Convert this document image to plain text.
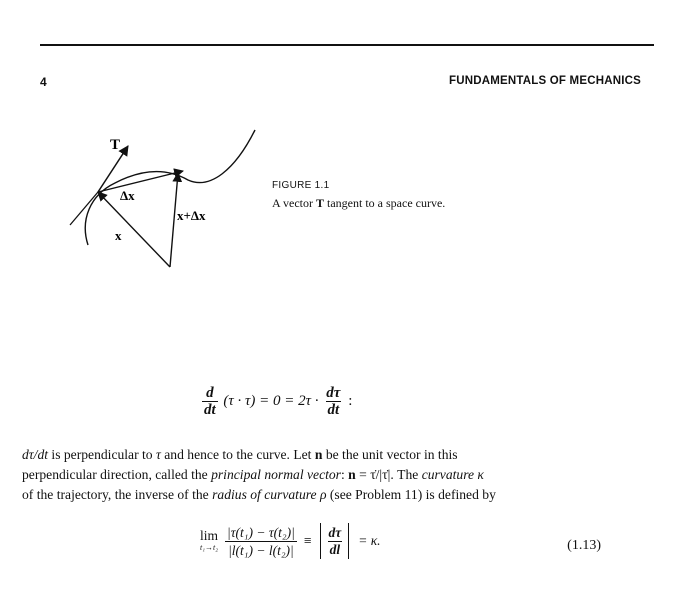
4	FUNDAMENTALS OF MECHANICS
T
Δx
x+Δx
x
FIGURE 1.1
A vector T tangent to a space curve.
$\frac{d}{dt} (\tau \cdot \tau) = 0 = 2\tau \cdot \frac{d\tau}{dt}$ :
dτ/dt is perpendicular to τ and hence to the curve. Let n be the unit vector in this
perpendicular direction, called the principal normal vector: n = τ̇/|τ̇|. The curvature κ
of the trajectory, the inverse of the radius of curvature ρ (see Problem 11) is defined by
lim
t₁→t₂
|τ(t₁) − τ(t₂)|
|l(t₁) − l(t₂)|
≡ $\frac{d\tau}{dl} = \kappa$.	(1.13)
